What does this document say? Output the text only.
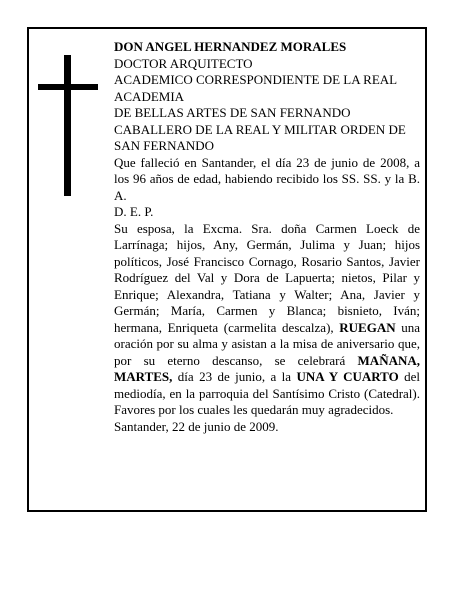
DON ANGEL HERNANDEZ MORALES

DOCTOR ARQUITECTO

ACADEMICO CORRESPONDIENTE DE LA REAL ACADEMIA

DE BELLAS ARTES DE SAN FERNANDO

CABALLERO DE LA REAL Y MILITAR ORDEN DE SAN FERNANDO

Que falleció en Santander, el día 23 de junio de 2008, a los 96 años de edad, habiendo recibido los SS. SS. y la B. A.

D. E. P.

Su esposa, la Excma. Sra. doña Carmen Loeck de Larrínaga; hijos, Any, Germán, Julima y Juan; hijos políticos, José Francisco Cornago, Rosario Santos, Javier Rodríguez del Val y Dora de Lapuerta; nietos, Pilar y Enrique; Alexandra, Tatiana y Walter; Ana, Javier y Germán; María, Carmen y Blanca; bisnieto, Iván; hermana, Enriqueta (carmelita descalza), RUEGAN una oración por su alma y asistan a la misa de aniversario que, por su eterno descanso, se celebrará MAÑANA, MARTES, día 23 de junio, a la UNA Y CUARTO del mediodía, en la parroquia del Santísimo Cristo (Catedral). Favores por los cuales les quedarán muy agradecidos.

Santander, 22 de junio de 2009.
